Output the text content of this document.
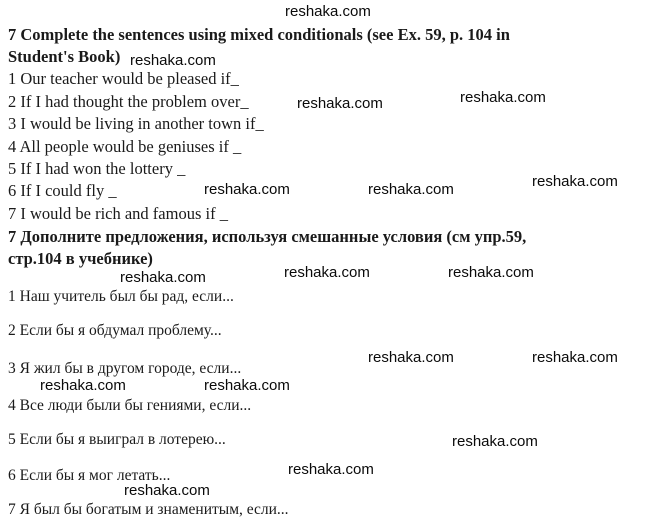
reshaka.com
reshaka.com
reshaka.com	reshaka.com
reshaka.com	reshaka.com	reshaka.com
reshaka.com	reshaka.com	reshaka.com
reshaka.com	reshaka.com
reshaka.com	reshaka.com
reshaka.com
reshaka.com
reshaka.com
7 Complete the sentences using mixed conditionals (see Ex. 59, p. 104 in
Student's Book)
1 Our teacher would be pleased if_
2 If I had thought the problem over_
3 I would be living in another town if_
4 All people would be geniuses if _
5 If I had won the lottery _
6 If I could fly _
7 I would be rich and famous if _
7 Дополните предложения, используя смешанные условия (см упр.59,
стр.104 в учебнике)
1 Наш учитель был бы рад, если...
2 Если бы я обдумал проблему...
3 Я жил бы в другом городе, если...
4 Все люди были бы гениями, если...
5 Если бы я выиграл в лотерею...
6 Если бы я мог летать...
7 Я был бы богатым и знаменитым, если...
